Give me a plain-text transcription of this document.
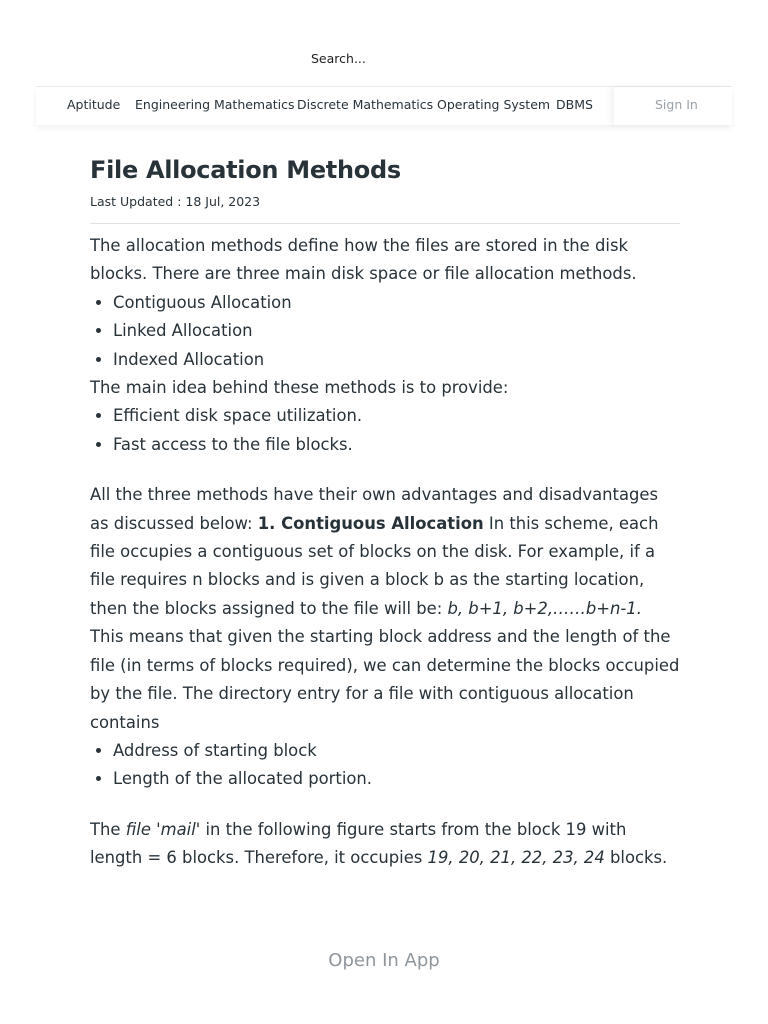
Search...
Aptitude Engineering Mathematics Discrete Mathematics Operating System DBMS	Sign In
File Allocation Methods
Last Updated : 18 Jul, 2023

The allocation methods define how the files are stored in the disk blocks. There are three main disk space or file allocation methods.

• Contiguous Allocation
• Linked Allocation
• Indexed Allocation

The main idea behind these methods is to provide:

• Efficient disk space utilization.
• Fast access to the file blocks.

All the three methods have their own advantages and disadvantages as discussed below: 1. Contiguous Allocation In this scheme, each file occupies a contiguous set of blocks on the disk. For example, if a file requires n blocks and is given a block b as the starting location, then the blocks assigned to the file will be: b, b+1, b+2,……b+n-1. This means that given the starting block address and the length of the file (in terms of blocks required), we can determine the blocks occupied by the file. The directory entry for a file with contiguous allocation contains

• Address of starting block
• Length of the allocated portion.

The file 'mail' in the following figure starts from the block 19 with length = 6 blocks. Therefore, it occupies 19, 20, 21, 22, 23, 24 blocks.

Open In App
